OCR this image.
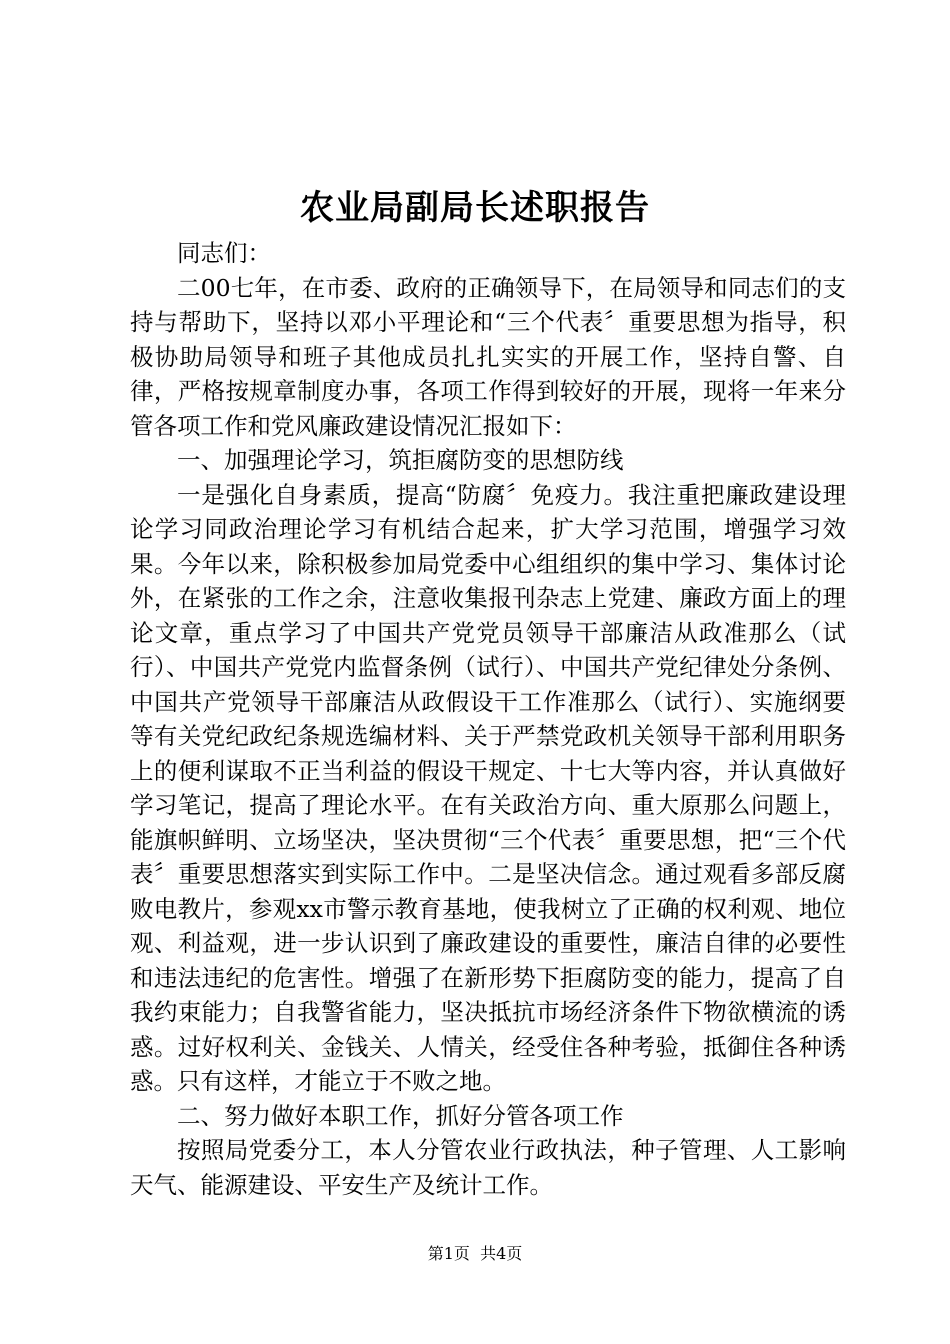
农业局副局长述职报告

同志们：

二00七年，在市委、政府的正确领导下，在局领导和同志们的支持与帮助下，坚持以邓小平理论和“三个代表〞重要思想为指导，积极协助局领导和班子其他成员扎扎实实的开展工作，坚持自警、自律，严格按规章制度办事，各项工作得到较好的开展，现将一年来分管各项工作和党风廉政建设情况汇报如下：

一、加强理论学习，筑拒腐防变的思想防线

一是强化自身素质，提高“防腐〞免疫力。我注重把廉政建设理论学习同政治理论学习有机结合起来，扩大学习范围，增强学习效果。今年以来，除积极参加局党委中心组组织的集中学习、集体讨论外，在紧张的工作之余，注意收集报刊杂志上党建、廉政方面上的理论文章，重点学习了中国共产党党员领导干部廉洁从政准那么（试行）、中国共产党党内监督条例（试行）、中国共产党纪律处分条例、中国共产党领导干部廉洁从政假设干工作准那么（试行）、实施纲要等有关党纪政纪条规选编材料、关于严禁党政机关领导干部利用职务上的便利谋取不正当利益的假设干规定、十七大等内容，并认真做好学习笔记，提高了理论水平。在有关政治方向、重大原那么问题上，能旗帜鲜明、立场坚决，坚决贯彻“三个代表〞重要思想，把“三个代表〞重要思想落实到实际工作中。二是坚决信念。通过观看多部反腐败电教片，参观xx市警示教育基地，使我树立了正确的权利观、地位观、利益观，进一步认识到了廉政建设的重要性，廉洁自律的必要性和违法违纪的危害性。增强了在新形势下拒腐防变的能力，提高了自我约束能力；自我警省能力，坚决抵抗市场经济条件下物欲横流的诱惑。过好权利关、金钱关、人情关，经受住各种考验，抵御住各种诱惑。只有这样，才能立于不败之地。

二、努力做好本职工作，抓好分管各项工作

按照局党委分工，本人分管农业行政执法，种子管理、人工影响天气、能源建设、平安生产及统计工作。

第1页 共4页
